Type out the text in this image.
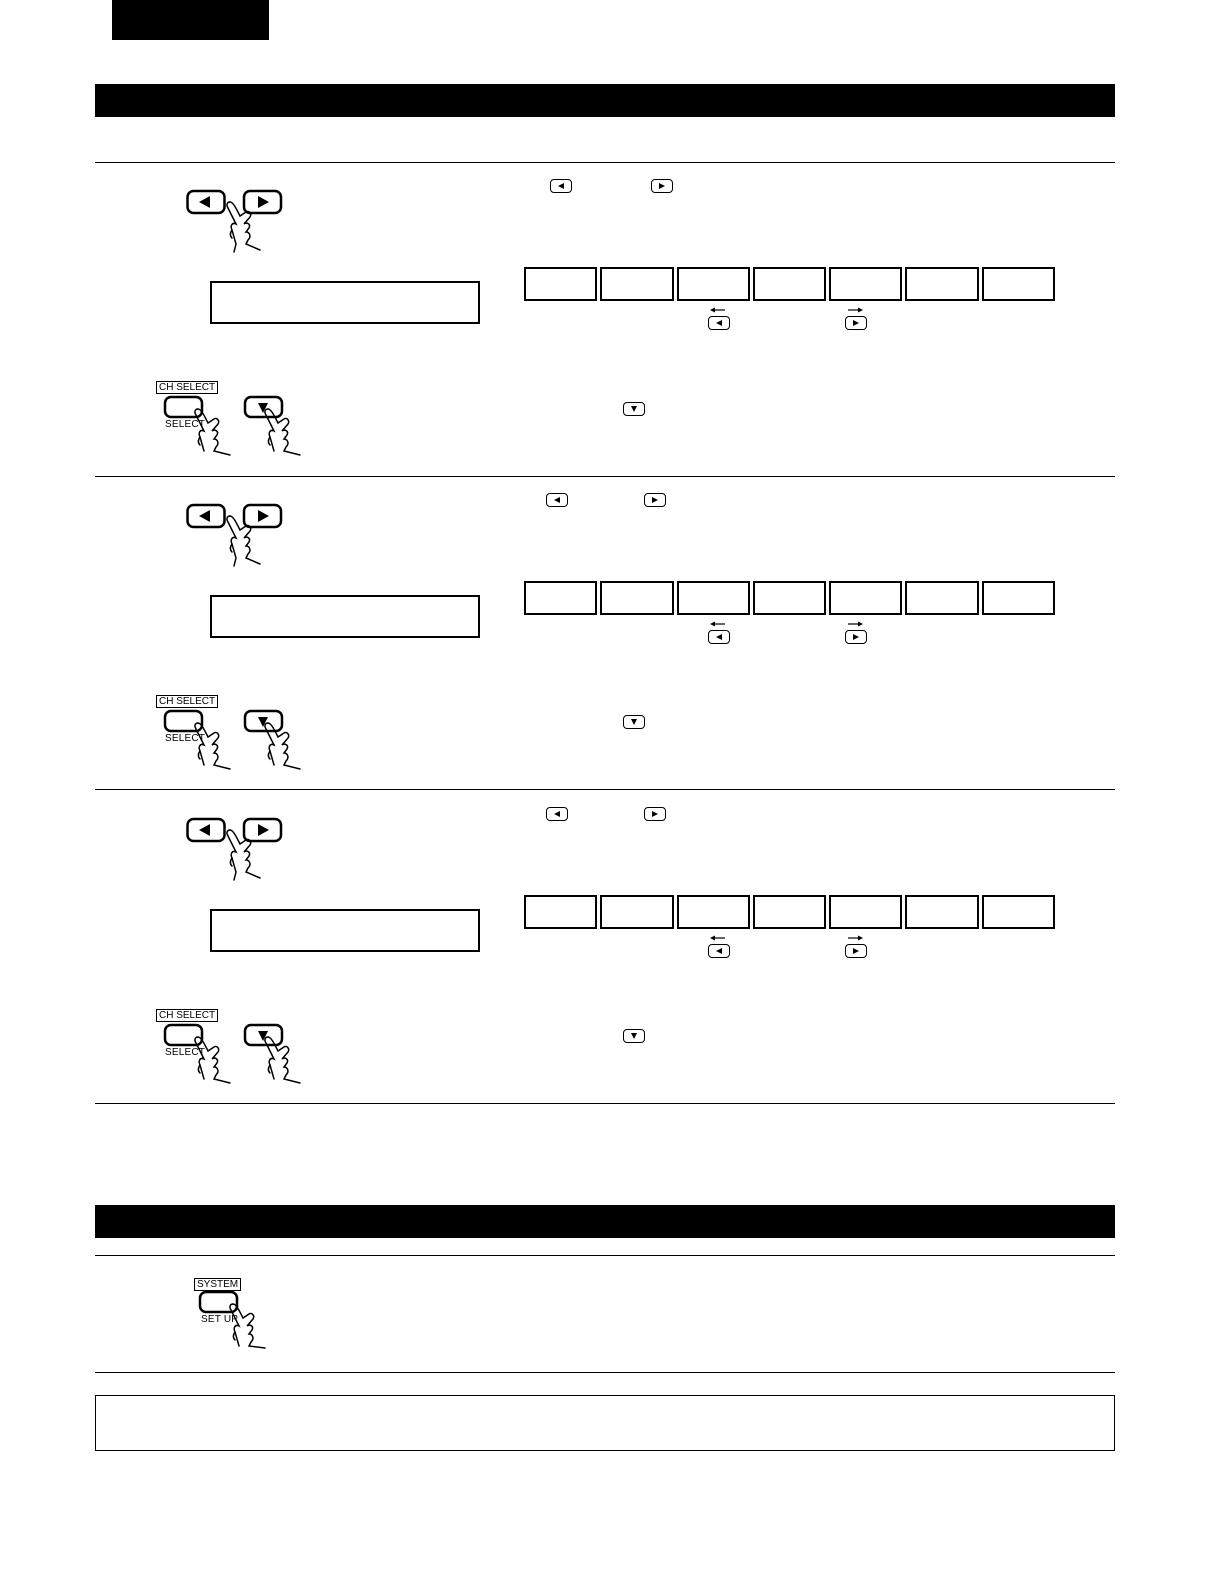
CH SELECT
SELECT
CH SELECT
SELECT
CH SELECT
SELECT
SYSTEM
SET UP
